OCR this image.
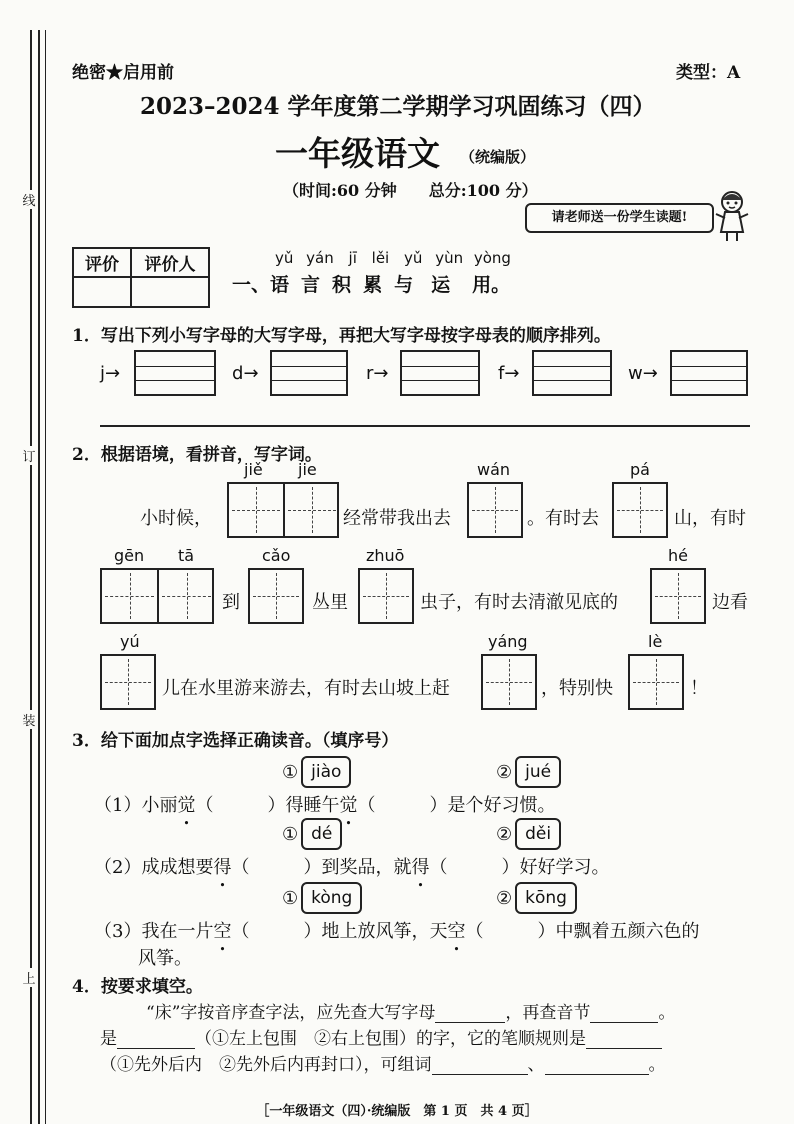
线
订
装
上
绝密★启用前	类型：A
2023–2024 学年度第二学期学习巩固练习（四）
一年级语文 （统编版）
（时间:60 分钟　　总分:100 分）
请老师送一份学生读题!
评价	评价人
		yǔ yán jī lěi yǔ yùn yòng
一、语 言 积 累 与 运 用。
1．写出下列小写字母的大写字母，再把大写字母按字母表的顺序排列。
j→	d→	r→	f→	w→
2．根据语境，看拼音，写字词。
jiě jie	wán	pá
小时候，	经常带我出去	。有时去	山，有时
gēn tā	cǎo	zhuō	hé
到	丛里	虫子，有时去清澈见底的	边看
yú	yáng	lè
儿在水里游来游去，有时去山坡上赶	，特别快	！
3．给下面加点字选择正确读音。（填序号）
① jiào	② jué
（1）小丽觉（　　　）得睡午觉（　　　）是个好习惯。
① dé	② děi
（2）成成想要得（　　　）到奖品，就得（　　　）好好学习。
① kòng	② kōng
（3）我在一片空（　　　）地上放风筝，天空（　　　）中飘着五颜六色的
风筝。
4．按要求填空。
“床”字按音序查字法，应先查大写字母	，再查音节	。
是	（①左上包围　②右上包围）的字，它的笔顺规则是
（①先外后内　②先外后内再封口），可组词	、	。
［一年级语文（四）·统编版　第 1 页　共 4 页］
